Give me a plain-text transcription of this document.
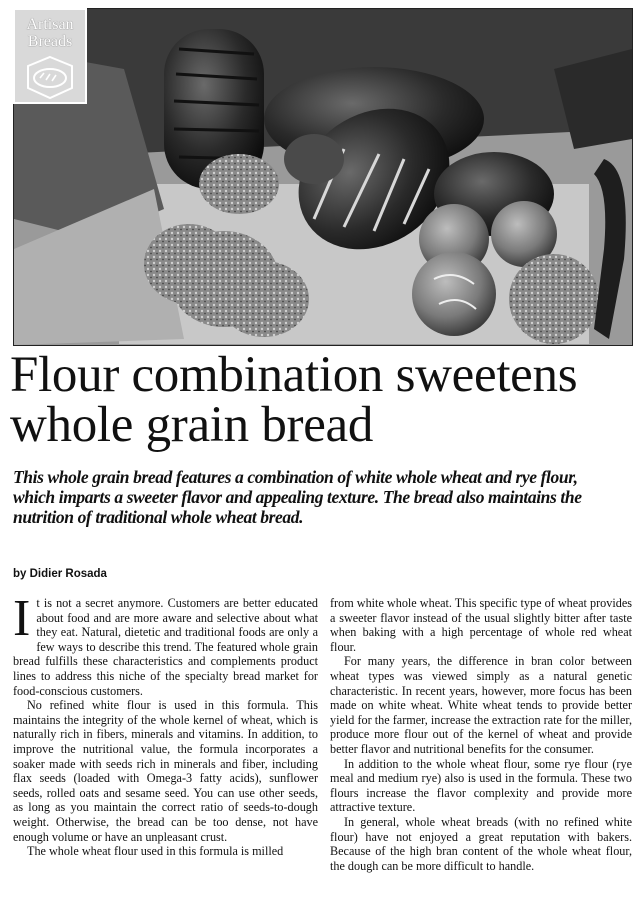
Artisan
Breads
Flour combination sweetens whole grain bread

This whole grain bread features a combination of white whole wheat and rye flour, which imparts a sweeter flavor and appealing texture. The bread also maintains the nutrition of traditional whole wheat bread.

by Didier Rosada

It is not a secret anymore. Customers are better educated about food and are more aware and selective about what they eat. Natural, dietetic and traditional foods are only a few ways to describe this trend. The featured whole grain bread fulfills these characteristics and complements product lines to address this niche of the specialty bread market for food-conscious customers.

No refined white flour is used in this formula. This maintains the integrity of the whole kernel of wheat, which is naturally rich in fibers, minerals and vitamins. In addition, to improve the nutritional value, the formula incorporates a soaker made with seeds rich in minerals and fiber, including flax seeds (loaded with Omega-3 fatty acids), sunflower seeds, rolled oats and sesame seed. You can use other seeds, as long as you maintain the correct ratio of seeds-to-dough weight. Otherwise, the bread can be too dense, not have enough volume or have an unpleasant crust.

The whole wheat flour used in this formula is milled

from white whole wheat. This specific type of wheat provides a sweeter flavor instead of the usual slightly bitter after taste when baking with a high percentage of whole red wheat flour.

For many years, the difference in bran color between wheat types was viewed simply as a natural genetic characteristic. In recent years, however, more focus has been made on white wheat. White wheat tends to provide better yield for the farmer, increase the extraction rate for the miller, produce more flour out of the kernel of wheat and provide better flavor and nutritional benefits for the consumer.

In addition to the whole wheat flour, some rye flour (rye meal and medium rye) also is used in the formula. These two flours increase the flavor complexity and provide more attractive texture.

In general, whole wheat breads (with no refined white flour) have not enjoyed a great reputation with bakers. Because of the high bran content of the whole wheat flour, the dough can be more difficult to handle.
